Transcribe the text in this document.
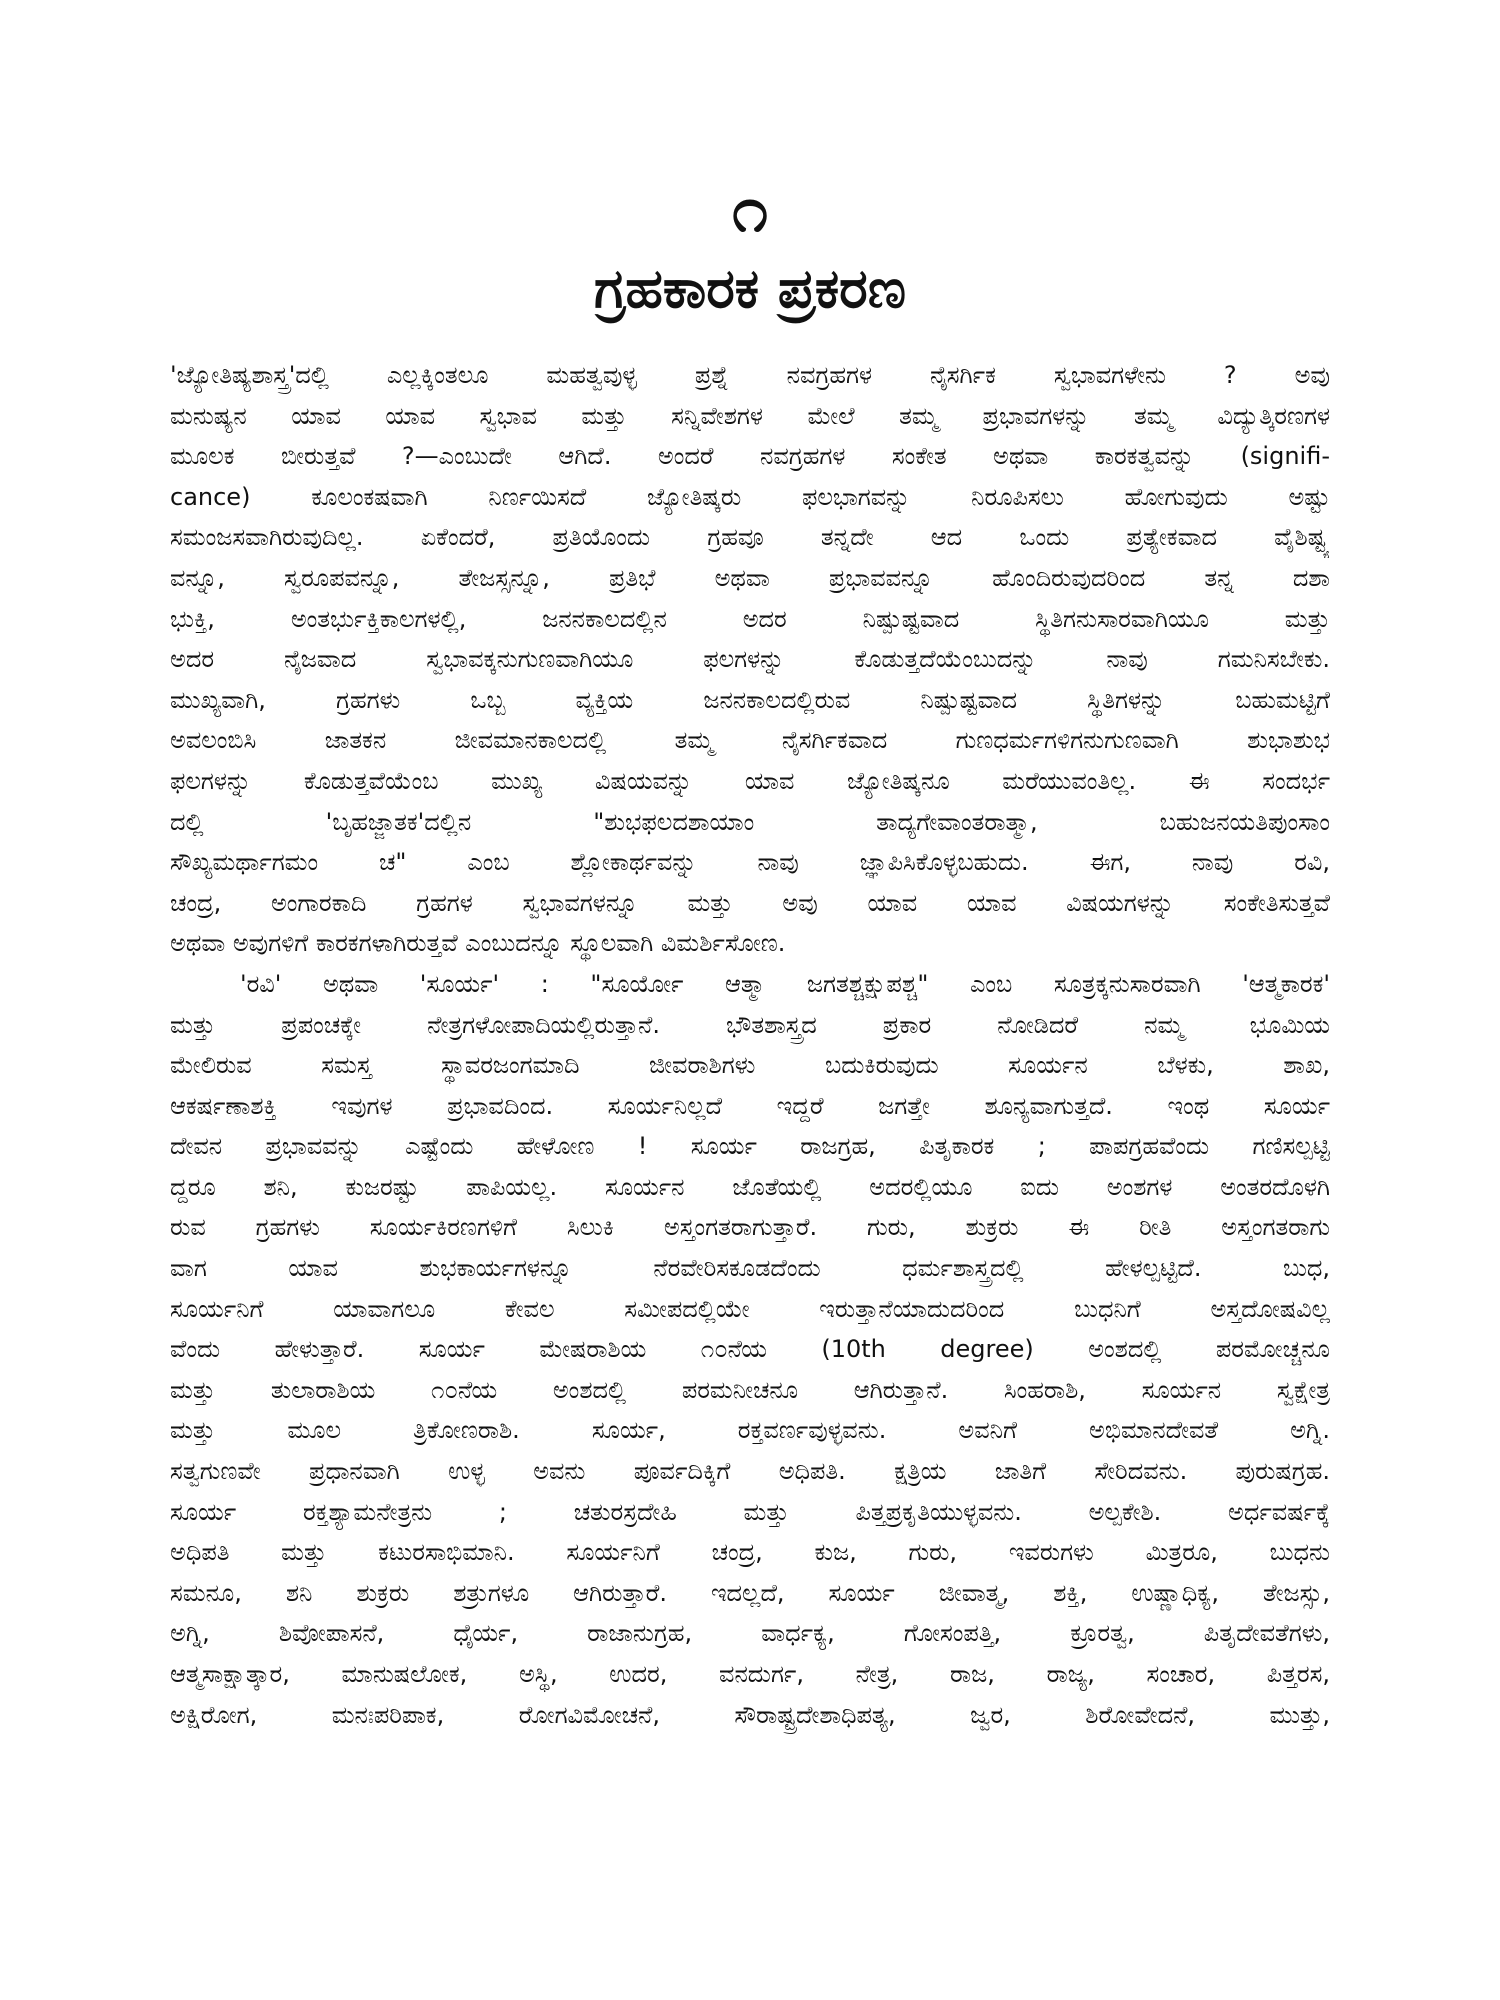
೧
ಗ್ರಹಕಾರಕ ಪ್ರಕರಣ
'ಜ್ಯೋತಿಷ್ಯಶಾಸ್ತ್ರ'ದಲ್ಲಿ ಎಲ್ಲಕ್ಕಿಂತಲೂ ಮಹತ್ವವುಳ್ಳ ಪ್ರಶ್ನೆ ನವಗ್ರಹಗಳ ನೈಸರ್ಗಿಕ ಸ್ವಭಾವಗಳೇನು ? ಅವು
ಮನುಷ್ಯನ ಯಾವ ಯಾವ ಸ್ವಭಾವ ಮತ್ತು ಸನ್ನಿವೇಶಗಳ ಮೇಲೆ ತಮ್ಮ ಪ್ರಭಾವಗಳನ್ನು ತಮ್ಮ ವಿದ್ಯುತ್ಕಿರಣಗಳ
ಮೂಲಕ ಬೀರುತ್ತವೆ ?—ಎಂಬುದೇ ಆಗಿದೆ. ಅಂದರೆ ನವಗ್ರಹಗಳ ಸಂಕೇತ ಅಥವಾ ಕಾರಕತ್ವವನ್ನು (signifi-
cance) ಕೂಲಂಕಷವಾಗಿ ನಿರ್ಣಯಿಸದೆ ಜ್ಯೋತಿಷ್ಕರು ಫಲಭಾಗವನ್ನು ನಿರೂಪಿಸಲು ಹೋಗುವುದು ಅಷ್ಟು
ಸಮಂಜಸವಾಗಿರುವುದಿಲ್ಲ. ಏಕೆಂದರೆ, ಪ್ರತಿಯೊಂದು ಗ್ರಹವೂ ತನ್ನದೇ ಆದ ಒಂದು ಪ್ರತ್ಯೇಕವಾದ ವೈಶಿಷ್ಟ್ಯ
ವನ್ನೂ, ಸ್ವರೂಪವನ್ನೂ, ತೇಜಸ್ಸನ್ನೂ, ಪ್ರತಿಭೆ ಅಥವಾ ಪ್ರಭಾವವನ್ನೂ ಹೊಂದಿರುವುದರಿಂದ ತನ್ನ ದಶಾ
ಭುಕ್ತಿ, ಅಂತರ್ಭುಕ್ತಿಕಾಲಗಳಲ್ಲಿ, ಜನನಕಾಲದಲ್ಲಿನ ಅದರ ನಿಷ್ಪುಷ್ಟವಾದ ಸ್ಥಿತಿಗನುಸಾರವಾಗಿಯೂ ಮತ್ತು
ಅದರ ನೈಜವಾದ ಸ್ವಭಾವಕ್ಕನುಗುಣವಾಗಿಯೂ ಫಲಗಳನ್ನು ಕೊಡುತ್ತದೆಯೆಂಬುದನ್ನು ನಾವು ಗಮನಿಸಬೇಕು.
ಮುಖ್ಯವಾಗಿ, ಗ್ರಹಗಳು ಒಬ್ಬ ವ್ಯಕ್ತಿಯ ಜನನಕಾಲದಲ್ಲಿರುವ ನಿಷ್ಪುಷ್ಟವಾದ ಸ್ಥಿತಿಗಳನ್ನು ಬಹುಮಟ್ಟಿಗೆ
ಅವಲಂಬಿಸಿ ಜಾತಕನ ಜೀವಮಾನಕಾಲದಲ್ಲಿ ತಮ್ಮ ನೈಸರ್ಗಿಕವಾದ ಗುಣಧರ್ಮಗಳಿಗನುಗುಣವಾಗಿ ಶುಭಾಶುಭ
ಫಲಗಳನ್ನು ಕೊಡುತ್ತವೆಯೆಂಬ ಮುಖ್ಯ ವಿಷಯವನ್ನು ಯಾವ ಜ್ಯೋತಿಷ್ಕನೂ ಮರೆಯುವಂತಿಲ್ಲ. ಈ ಸಂದರ್ಭ
ದಲ್ಲಿ 'ಬೃಹಜ್ಜಾತಕ'ದಲ್ಲಿನ "ಶುಭಫಲದಶಾಯಾಂ ತಾದ್ಯಗೇವಾಂತರಾತ್ಮಾ, ಬಹುಜನಯತಿಪುಂಸಾಂ
ಸೌಖ್ಯಮರ್ಥಾಗಮಂ ಚ" ಎಂಬ ಶ್ಲೋಕಾರ್ಥವನ್ನು ನಾವು ಜ್ಞಾಪಿಸಿಕೊಳ್ಳಬಹುದು. ಈಗ, ನಾವು ರವಿ,
ಚಂದ್ರ, ಅಂಗಾರಕಾದಿ ಗ್ರಹಗಳ ಸ್ವಭಾವಗಳನ್ನೂ ಮತ್ತು ಅವು ಯಾವ ಯಾವ ವಿಷಯಗಳನ್ನು ಸಂಕೇತಿಸುತ್ತವೆ
ಅಥವಾ ಅವುಗಳಿಗೆ ಕಾರಕಗಳಾಗಿರುತ್ತವೆ ಎಂಬುದನ್ನೂ ಸ್ಥೂಲವಾಗಿ ವಿಮರ್ಶಿಸೋಣ.
'ರವಿ' ಅಥವಾ 'ಸೂರ್ಯ' : "ಸೂರ್ಯೋ ಆತ್ಮಾ ಜಗತಶ್ಚಕ್ಷುಪಶ್ಚ" ಎಂಬ ಸೂತ್ರಕ್ಕನುಸಾರವಾಗಿ 'ಆತ್ಮಕಾರಕ'
ಮತ್ತು ಪ್ರಪಂಚಕ್ಕೇ ನೇತ್ರಗಳೋಪಾದಿಯಲ್ಲಿರುತ್ತಾನೆ. ಭೌತಶಾಸ್ತ್ರದ ಪ್ರಕಾರ ನೋಡಿದರೆ ನಮ್ಮ ಭೂಮಿಯ
ಮೇಲಿರುವ ಸಮಸ್ತ ಸ್ಥಾವರಜಂಗಮಾದಿ ಜೀವರಾಶಿಗಳು ಬದುಕಿರುವುದು ಸೂರ್ಯನ ಬೆಳಕು, ಶಾಖ,
ಆಕರ್ಷಣಾಶಕ್ತಿ ಇವುಗಳ ಪ್ರಭಾವದಿಂದ. ಸೂರ್ಯನಿಲ್ಲದೆ ಇದ್ದರೆ ಜಗತ್ತೇ ಶೂನ್ಯವಾಗುತ್ತದೆ. ಇಂಥ ಸೂರ್ಯ
ದೇವನ ಪ್ರಭಾವವನ್ನು ಎಷ್ಟೆಂದು ಹೇಳೋಣ ! ಸೂರ್ಯ ರಾಜಗ್ರಹ, ಪಿತೃಕಾರಕ ; ಪಾಪಗ್ರಹವೆಂದು ಗಣಿಸಲ್ಪಟ್ಟಿ
ದ್ದರೂ ಶನಿ, ಕುಜರಷ್ಟು ಪಾಪಿಯಲ್ಲ. ಸೂರ್ಯನ ಜೊತೆಯಲ್ಲಿ ಅದರಲ್ಲಿಯೂ ಐದು ಅಂಶಗಳ ಅಂತರದೊಳಗಿ
ರುವ ಗ್ರಹಗಳು ಸೂರ್ಯಕಿರಣಗಳಿಗೆ ಸಿಲುಕಿ ಅಸ್ತಂಗತರಾಗುತ್ತಾರೆ. ಗುರು, ಶುಕ್ರರು ಈ ರೀತಿ ಅಸ್ತಂಗತರಾಗು
ವಾಗ ಯಾವ ಶುಭಕಾರ್ಯಗಳನ್ನೂ ನೆರವೇರಿಸಕೂಡದೆಂದು ಧರ್ಮಶಾಸ್ತ್ರದಲ್ಲಿ ಹೇಳಲ್ಪಟ್ಟಿದೆ. ಬುಧ,
ಸೂರ್ಯನಿಗೆ ಯಾವಾಗಲೂ ಕೇವಲ ಸಮೀಪದಲ್ಲಿಯೇ ಇರುತ್ತಾನೆಯಾದುದರಿಂದ ಬುಧನಿಗೆ ಅಸ್ತದೋಷವಿಲ್ಲ
ವೆಂದು ಹೇಳುತ್ತಾರೆ. ಸೂರ್ಯ ಮೇಷರಾಶಿಯ ೧೦ನೆಯ (10th degree) ಅಂಶದಲ್ಲಿ ಪರಮೋಚ್ಚನೂ
ಮತ್ತು ತುಲಾರಾಶಿಯ ೧೦ನೆಯ ಅಂಶದಲ್ಲಿ ಪರಮನೀಚನೂ ಆಗಿರುತ್ತಾನೆ. ಸಿಂಹರಾಶಿ, ಸೂರ್ಯನ ಸ್ವಕ್ಷೇತ್ರ
ಮತ್ತು ಮೂಲ ತ್ರಿಕೋಣರಾಶಿ. ಸೂರ್ಯ, ರಕ್ತವರ್ಣವುಳ್ಳವನು. ಅವನಿಗೆ ಅಭಿಮಾನದೇವತೆ ಅಗ್ನಿ.
ಸತ್ವಗುಣವೇ ಪ್ರಧಾನವಾಗಿ ಉಳ್ಳ ಅವನು ಪೂರ್ವದಿಕ್ಕಿಗೆ ಅಧಿಪತಿ. ಕ್ಷತ್ರಿಯ ಜಾತಿಗೆ ಸೇರಿದವನು. ಪುರುಷಗ್ರಹ.
ಸೂರ್ಯ ರಕ್ತಶ್ಯಾಮನೇತ್ರನು ; ಚತುರಸ್ರದೇಹಿ ಮತ್ತು ಪಿತ್ತಪ್ರಕೃತಿಯುಳ್ಳವನು. ಅಲ್ಪಕೇಶಿ. ಅರ್ಧವರ್ಷಕ್ಕೆ
ಅಧಿಪತಿ ಮತ್ತು ಕಟುರಸಾಭಿಮಾನಿ. ಸೂರ್ಯನಿಗೆ ಚಂದ್ರ, ಕುಜ, ಗುರು, ಇವರುಗಳು ಮಿತ್ರರೂ, ಬುಧನು
ಸಮನೂ, ಶನಿ ಶುಕ್ರರು ಶತ್ರುಗಳೂ ಆಗಿರುತ್ತಾರೆ. ಇದಲ್ಲದೆ, ಸೂರ್ಯ ಜೀವಾತ್ಮ, ಶಕ್ತಿ, ಉಷ್ಣಾಧಿಕ್ಯ, ತೇಜಸ್ಸು,
ಅಗ್ನಿ, ಶಿವೋಪಾಸನೆ, ಧೈರ್ಯ, ರಾಜಾನುಗ್ರಹ, ವಾರ್ಧಕ್ಯ, ಗೋಸಂಪತ್ತಿ, ಕ್ರೂರತ್ವ, ಪಿತೃದೇವತೆಗಳು,
ಆತ್ಮಸಾಕ್ಷಾತ್ಕಾರ, ಮಾನುಷಲೋಕ, ಅಸ್ಥಿ, ಉದರ, ವನದುರ್ಗ, ನೇತ್ರ, ರಾಜ, ರಾಜ್ಯ, ಸಂಚಾರ, ಪಿತ್ತರಸ,
ಅಕ್ಷಿರೋಗ, ಮನಃಪರಿಪಾಕ, ರೋಗವಿಮೋಚನೆ, ಸೌರಾಷ್ಟ್ರದೇಶಾಧಿಪತ್ಯ, ಜ್ವರ, ಶಿರೋವೇದನೆ, ಮುತ್ತು,
